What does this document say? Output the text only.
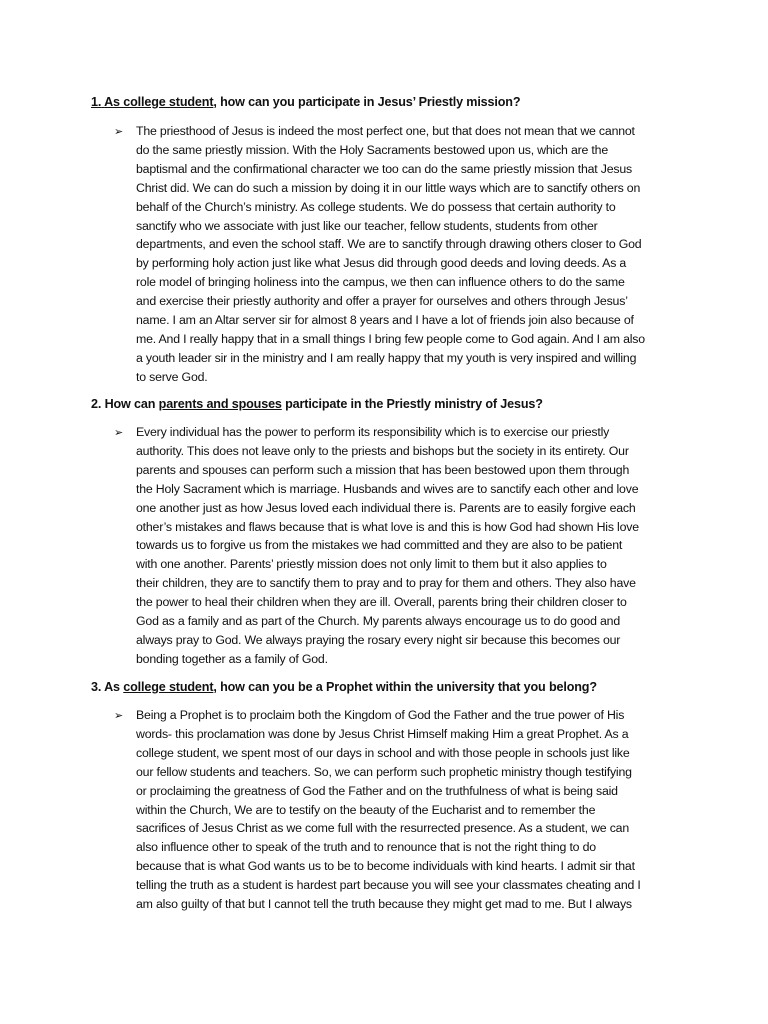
1. As college student, how can you participate in Jesus’ Priestly mission?
➢ The priesthood of Jesus is indeed the most perfect one, but that does not mean that we cannot
do the same priestly mission. With the Holy Sacraments bestowed upon us, which are the
baptismal and the confirmational character we too can do the same priestly mission that Jesus
Christ did. We can do such a mission by doing it in our little ways which are to sanctify others on
behalf of the Church’s ministry. As college students. We do possess that certain authority to
sanctify who we associate with just like our teacher, fellow students, students from other
departments, and even the school staff. We are to sanctify through drawing others closer to God
by performing holy action just like what Jesus did through good deeds and loving deeds. As a
role model of bringing holiness into the campus, we then can influence others to do the same
and exercise their priestly authority and offer a prayer for ourselves and others through Jesus’
name. I am an Altar server sir for almost 8 years and I have a lot of friends join also because of
me. And I really happy that in a small things I bring few people come to God again. And I am also
a youth leader sir in the ministry and I am really happy that my youth is very inspired and willing
to serve God.

2. How can parents and spouses participate in the Priestly ministry of Jesus?
➢ Every individual has the power to perform its responsibility which is to exercise our priestly
authority. This does not leave only to the priests and bishops but the society in its entirety. Our
parents and spouses can perform such a mission that has been bestowed upon them through
the Holy Sacrament which is marriage. Husbands and wives are to sanctify each other and love
one another just as how Jesus loved each individual there is. Parents are to easily forgive each
other’s mistakes and flaws because that is what love is and this is how God had shown His love
towards us to forgive us from the mistakes we had committed and they are also to be patient
with one another. Parents’ priestly mission does not only limit to them but it also applies to
their children, they are to sanctify them to pray and to pray for them and others. They also have
the power to heal their children when they are ill. Overall, parents bring their children closer to
God as a family and as part of the Church. My parents always encourage us to do good and
always pray to God. We always praying the rosary every night sir because this becomes our
bonding together as a family of God.

3. As college student, how can you be a Prophet within the university that you belong?
➢ Being a Prophet is to proclaim both the Kingdom of God the Father and the true power of His
words- this proclamation was done by Jesus Christ Himself making Him a great Prophet. As a
college student, we spent most of our days in school and with those people in schools just like
our fellow students and teachers. So, we can perform such prophetic ministry though testifying
or proclaiming the greatness of God the Father and on the truthfulness of what is being said
within the Church, We are to testify on the beauty of the Eucharist and to remember the
sacrifices of Jesus Christ as we come full with the resurrected presence. As a student, we can
also influence other to speak of the truth and to renounce that is not the right thing to do
because that is what God wants us to be to become individuals with kind hearts. I admit sir that
telling the truth as a student is hardest part because you will see your classmates cheating and I
am also guilty of that but I cannot tell the truth because they might get mad to me. But I always
